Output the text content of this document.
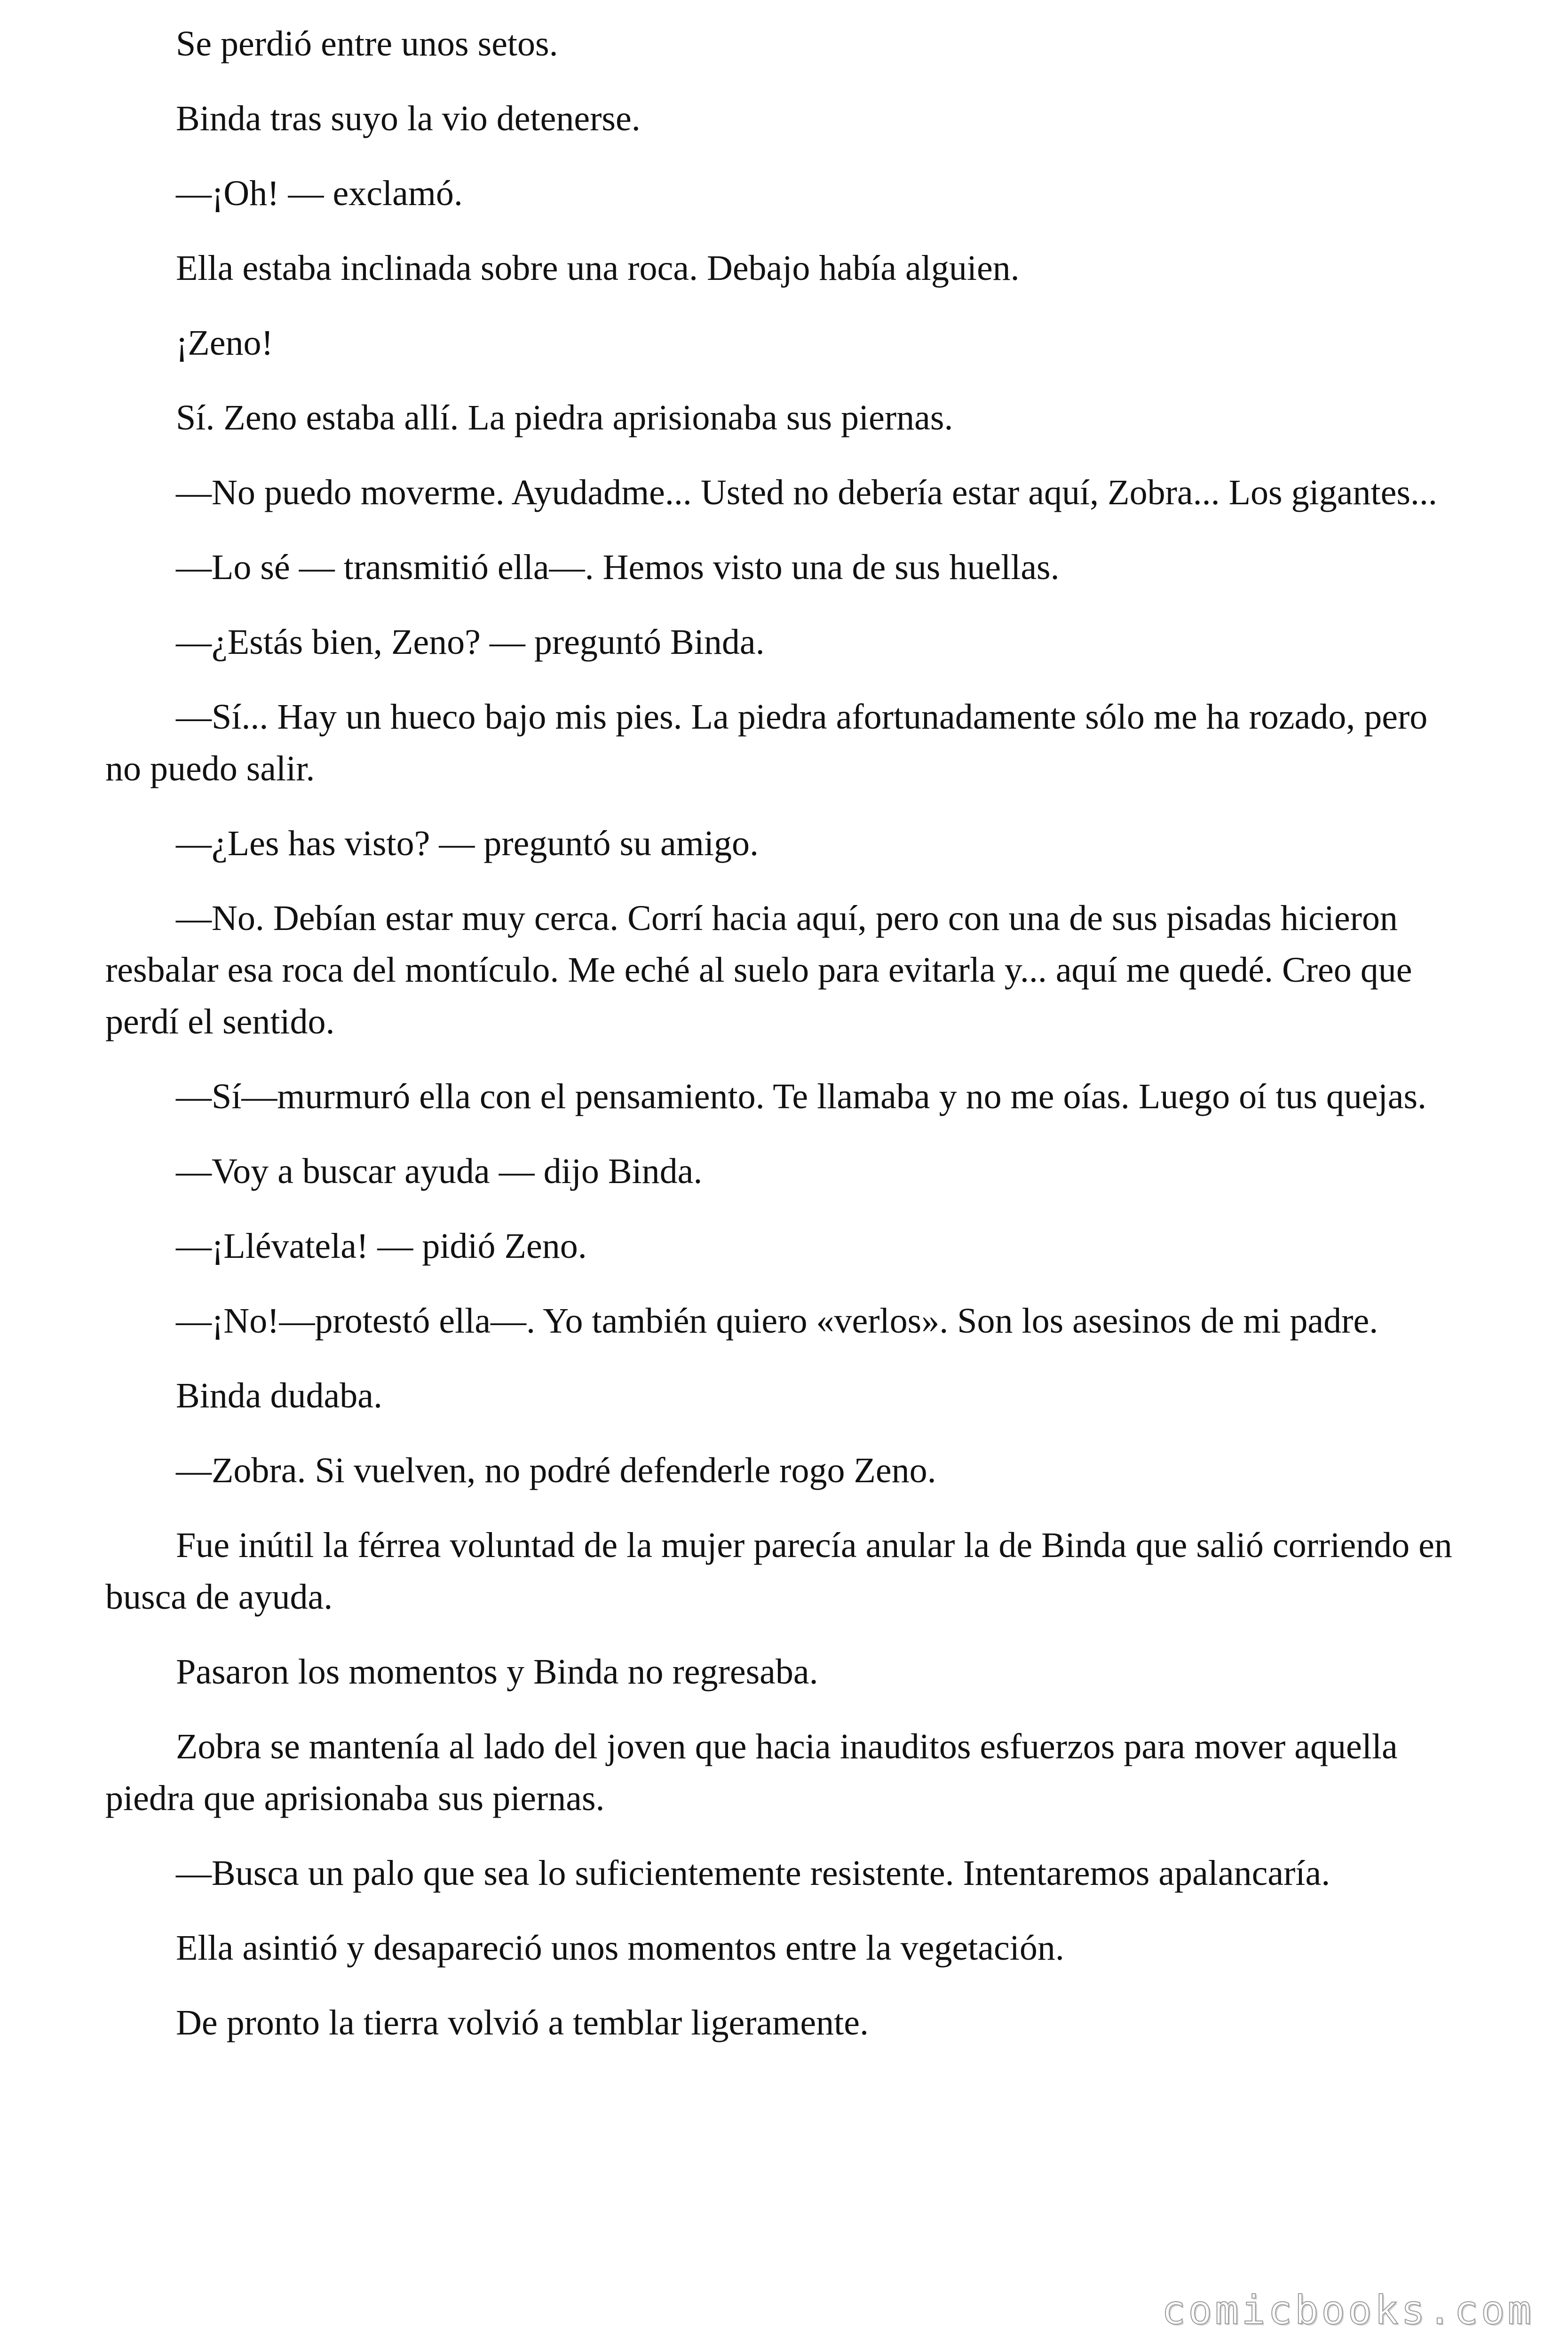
Se perdió entre unos setos.

Binda tras suyo la vio detenerse.

—¡Oh! — exclamó.

Ella estaba inclinada sobre una roca. Debajo había alguien.

¡Zeno!

Sí. Zeno estaba allí. La piedra aprisionaba sus piernas.

—No puedo moverme. Ayudadme... Usted no debería estar aquí, Zobra... Los gigantes...

—Lo sé — transmitió ella—. Hemos visto una de sus huellas.

—¿Estás bien, Zeno? — preguntó Binda.

—Sí... Hay un hueco bajo mis pies. La piedra afortunadamente sólo me ha rozado, pero no puedo salir.

—¿Les has visto? — preguntó su amigo.

—No. Debían estar muy cerca. Corrí hacia aquí, pero con una de sus pisadas hicieron resbalar esa roca del montículo. Me eché al suelo para evitarla y... aquí me quedé. Creo que perdí el sentido.

—Sí—murmuró ella con el pensamiento. Te llamaba y no me oías. Luego oí tus quejas.

—Voy a buscar ayuda — dijo Binda.

—¡Llévatela! — pidió Zeno.

—¡No!—protestó ella—. Yo también quiero «verlos». Son los asesinos de mi padre.

Binda dudaba.

—Zobra. Si vuelven, no podré defenderle rogo Zeno.

Fue inútil la férrea voluntad de la mujer parecía anular la de Binda que salió corriendo en busca de ayuda.

Pasaron los momentos y Binda no regresaba.

Zobra se mantenía al lado del joven que hacia inauditos esfuerzos para mover aquella piedra que aprisionaba sus piernas.

—Busca un palo que sea lo suficientemente resistente. Intentaremos apalancaría.

Ella asintió y desapareció unos momentos entre la vegetación.

De pronto la tierra volvió a temblar ligeramente.

comicbooks.com
